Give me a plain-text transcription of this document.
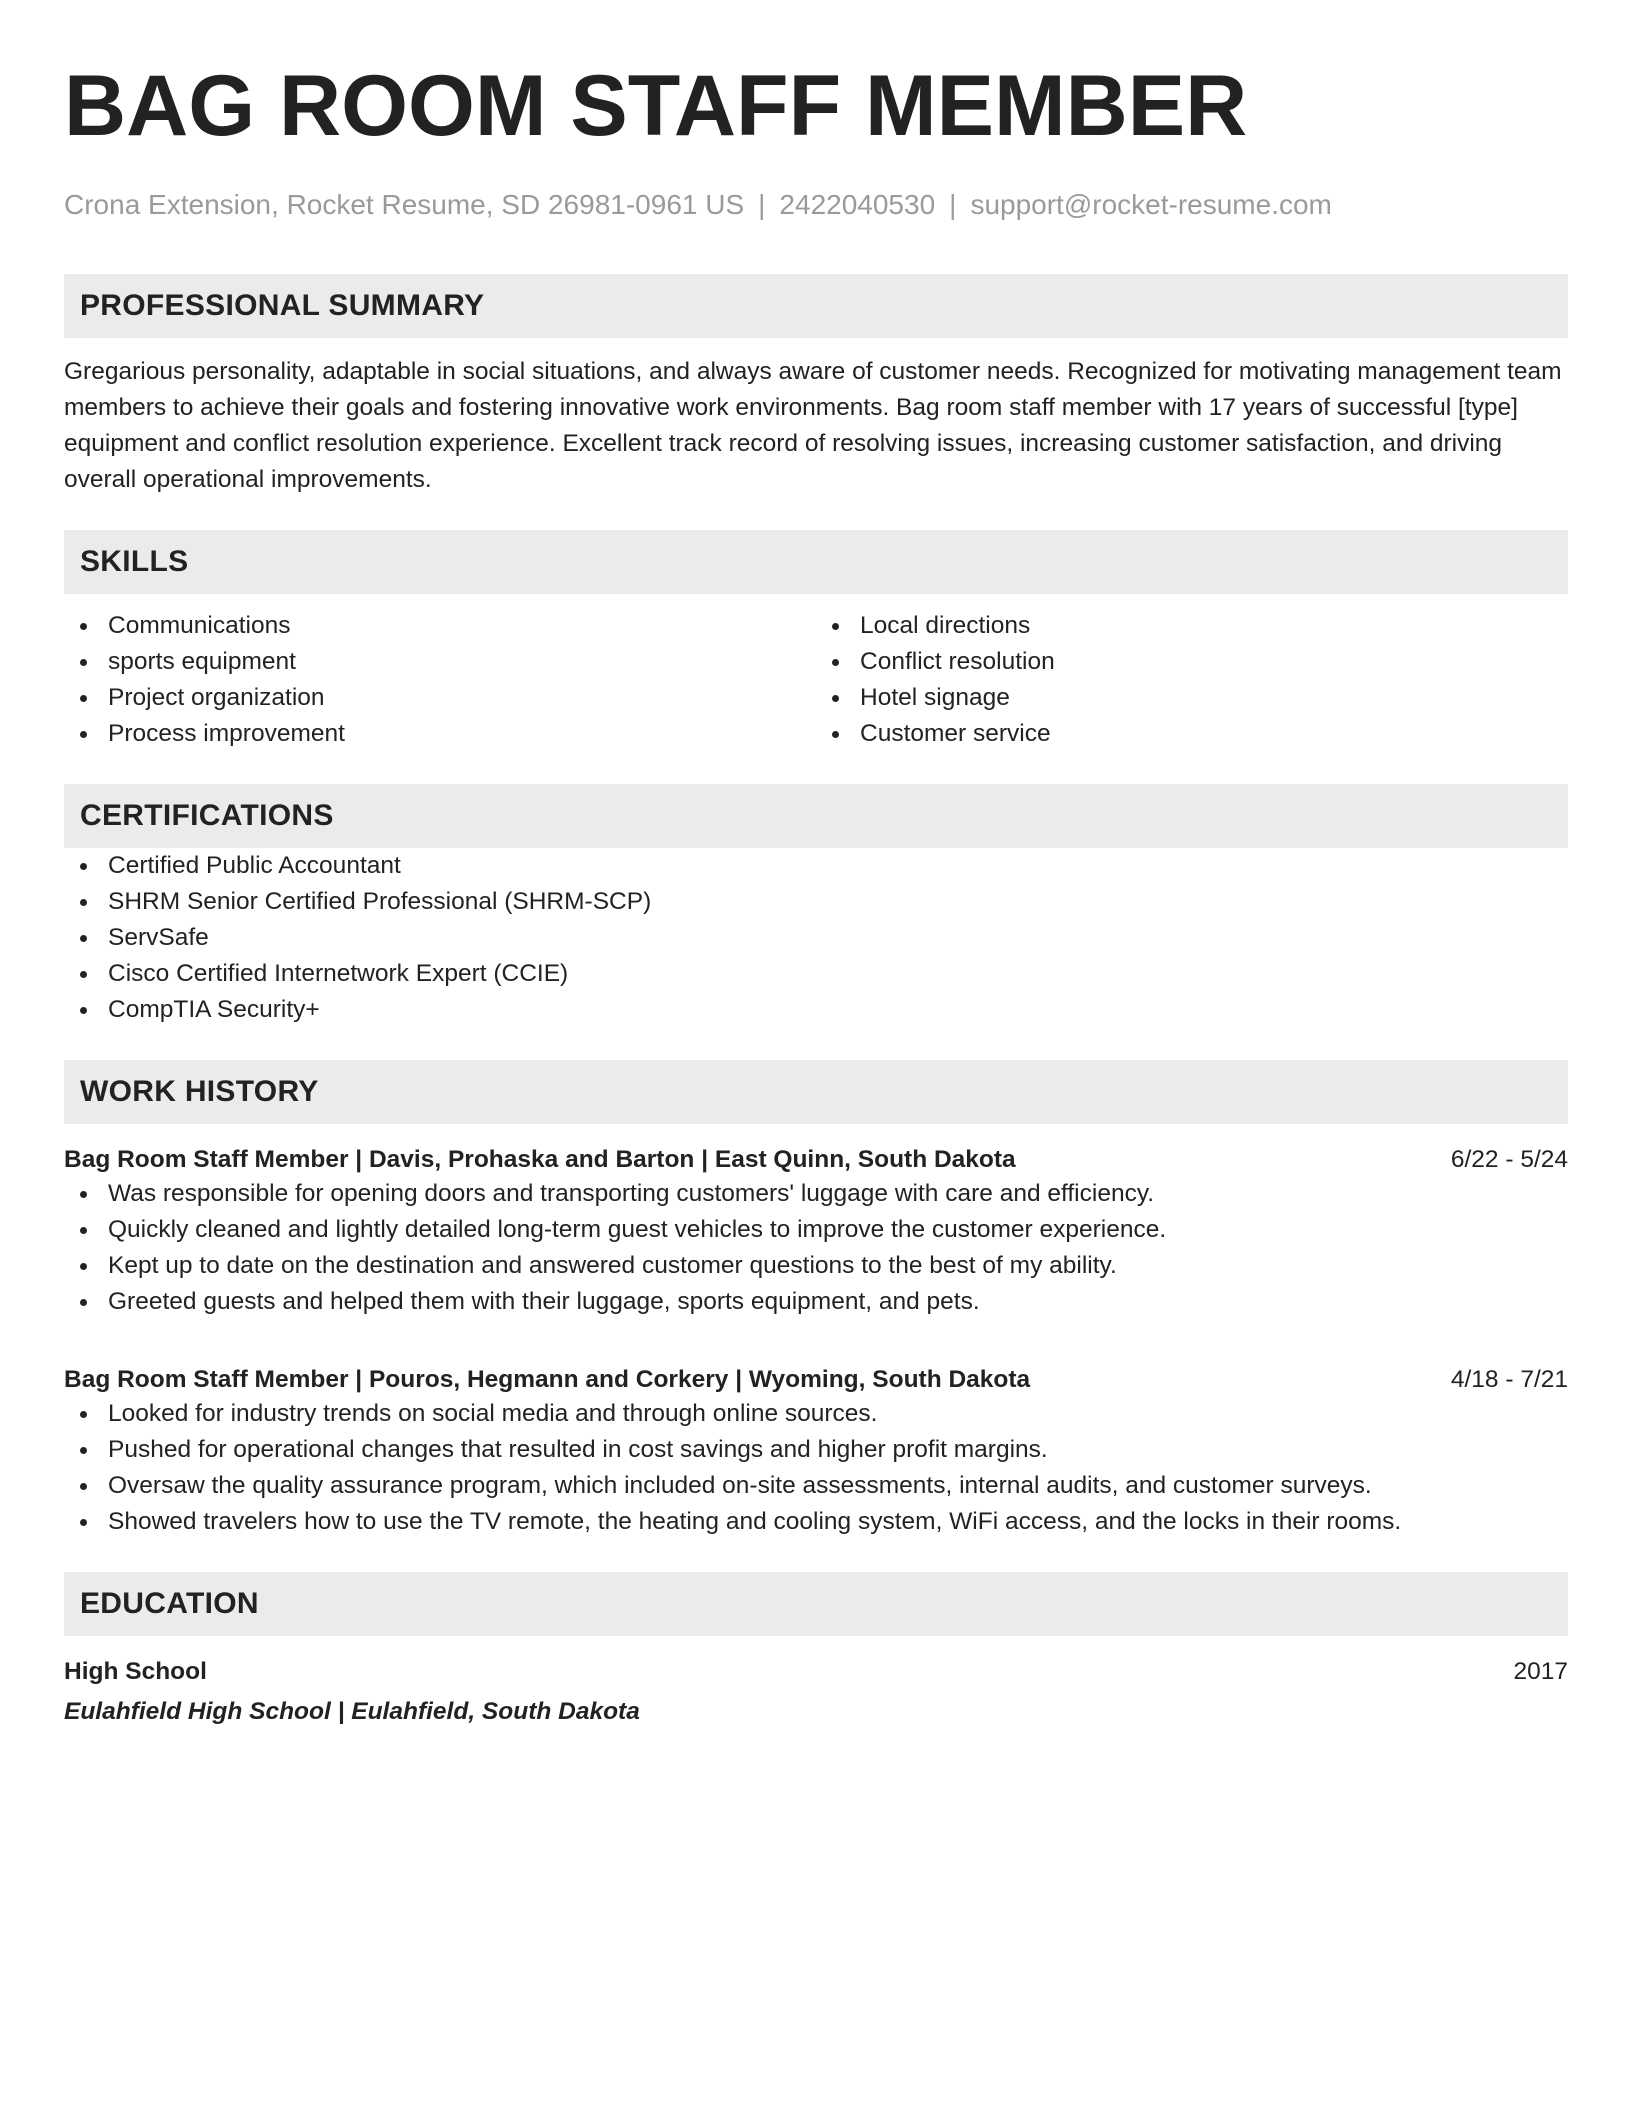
BAG ROOM STAFF MEMBER
Crona Extension, Rocket Resume, SD 26981-0961 US | 2422040530 | support@rocket-resume.com
PROFESSIONAL SUMMARY

Gregarious personality, adaptable in social situations, and always aware of customer needs. Recognized for motivating management team members to achieve their goals and fostering innovative work environments. Bag room staff member with 17 years of successful [type] equipment and conflict resolution experience. Excellent track record of resolving issues, increasing customer satisfaction, and driving overall operational improvements.

SKILLS
Communications
sports equipment
Project organization
Process improvement
Local directions
Conflict resolution
Hotel signage
Customer service
CERTIFICATIONS
Certified Public Accountant
SHRM Senior Certified Professional (SHRM-SCP)
ServSafe
Cisco Certified Internetwork Expert (CCIE)
CompTIA Security+
WORK HISTORY
Bag Room Staff Member | Davis, Prohaska and Barton | East Quinn, South Dakota	6/22 - 5/24
Was responsible for opening doors and transporting customers' luggage with care and efficiency.
Quickly cleaned and lightly detailed long-term guest vehicles to improve the customer experience.
Kept up to date on the destination and answered customer questions to the best of my ability.
Greeted guests and helped them with their luggage, sports equipment, and pets.
Bag Room Staff Member | Pouros, Hegmann and Corkery | Wyoming, South Dakota	4/18 - 7/21
Looked for industry trends on social media and through online sources.
Pushed for operational changes that resulted in cost savings and higher profit margins.
Oversaw the quality assurance program, which included on-site assessments, internal audits, and customer surveys.
Showed travelers how to use the TV remote, the heating and cooling system, WiFi access, and the locks in their rooms.
EDUCATION
High School	2017
Eulahfield High School | Eulahfield, South Dakota
